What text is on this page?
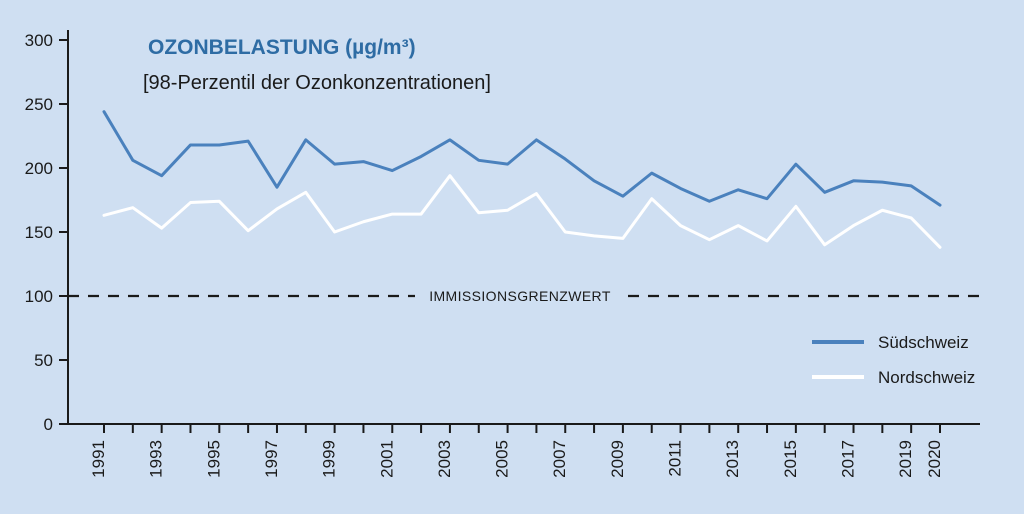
0
50
100
150
200
250
300
1991 1993 1995 1997 1999 2001 2003 2005 2007 2009 2011 2013 2015 2017 2019 2020
IMMISSIONSGRENZWERT
OZONBELASTUNG (µg/m³)
[98-Perzentil der Ozonkonzentrationen]
Südschweiz
Nordschweiz
